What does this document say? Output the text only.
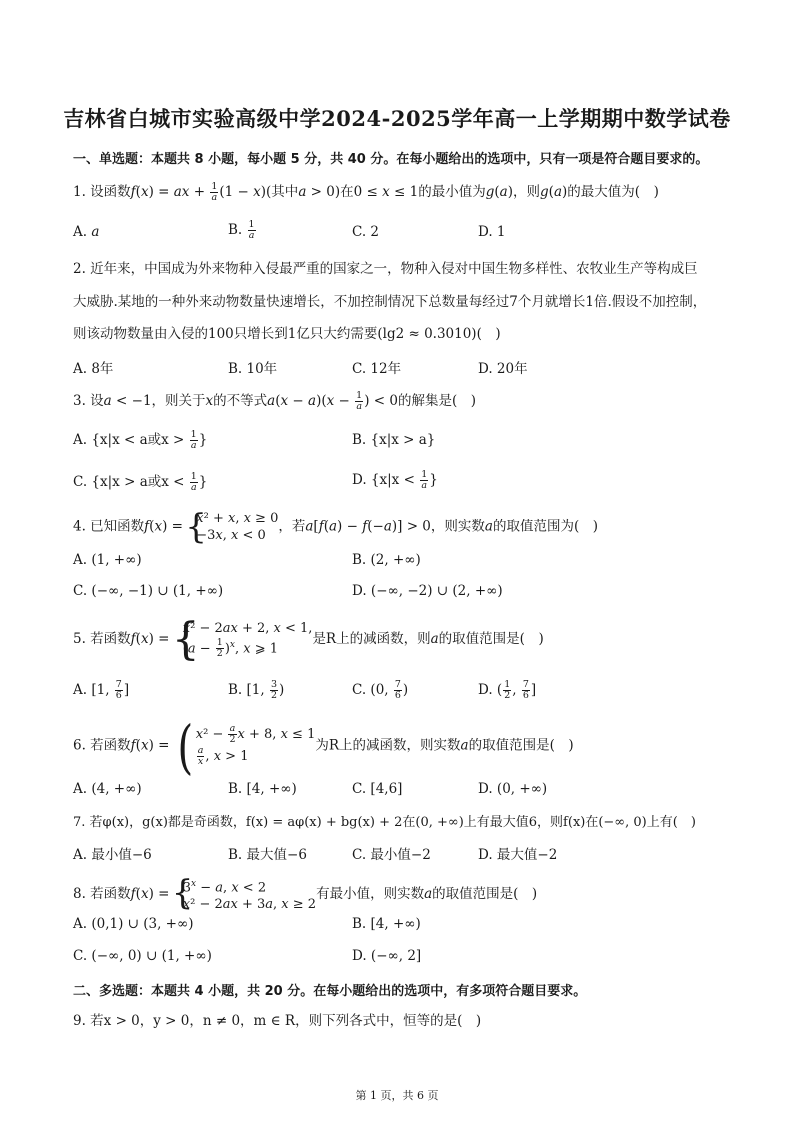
吉林省白城市实验高级中学2024-2025学年高一上学期期中数学试卷
一、单选题：本题共 8 小题，每小题 5 分，共 40 分。在每小题给出的选项中，只有一项是符合题目要求的。
1. 设函数f(x) = ax + $\frac{1}{a} (1 - x)$(其中a > 0)在0 ≤ x ≤ 1的最小值为g(a)，则g(a)的最大值为(　)
A. a	B. $\frac{1}{a}$	C. 2	D. 1
2. 近年来，中国成为外来物种入侵最严重的国家之一，物种入侵对中国生物多样性、农牧业生产等构成巨
大威胁.某地的一种外来动物数量快速增长，不加控制情况下总数量每经过7个月就增长1倍.假设不加控制，
则该动物数量由入侵的100只增长到1亿只大约需要(lg2 ≈ 0.3010)(　)
A. 8年	B. 10年	C. 12年	D. 20年
3. 设a < −1，则关于x的不等式$a(x - a)(x - \frac{1}{a}$ ) < 0的解集是(　)
A. {x|x < a或$x > \frac{1}{a}$ }	B. {x|x > a}
C. {x|x > a或$x < \frac{1}{a}$ }	D. {$x|x < \frac{1}{a}$ }
4. 已知函数f(x) = { x² + x, x ≥ 0
−3x, x < 0
，若a[f(a) − f(−a)] > 0，则实数a的取值范围为(　)
A. (1, +∞)	B. (2, +∞)
C. (−∞, −1) ∪ (1, +∞)	D. (−∞, −2) ∪ (2, +∞)
5. 若函数f(x) =
{ x² − 2ax + 2, x < 1,
$(a - \frac{1}{2} )^x$, x ⩾ 1
是R上的减函数，则a的取值范围是(　)
A. [1, $\frac{7}{6}$ ]	B. [1, $\frac{3}{2}$ )	C. (0, $\frac{7}{6}$ )	D. ( $\frac{1}{2}$ , $\frac{7}{6}$ ]
6. 若函数f(x) =
( $x^2 - \frac{a}{2}$ x + 8, x ≤ 1
$\frac{a}{x}$ , x > 1
为R上的减函数，则实数a的取值范围是(　)
A. (4, +∞)	B. [4, +∞)	C. [4,6]	D. (0, +∞)
7. 若φ(x)，g(x)都是奇函数，f(x) = aφ(x) + bg(x) + 2在(0, +∞)上有最大值6，则f(x)在(−∞, 0)上有(　)
A. 最小值−6	B. 最大值−6	C. 最小值−2	D. 最大值−2
8. 若函数f(x) = { $3^x - a$, x < 2
x² − 2ax + 3a, x ≥ 2
有最小值，则实数a的取值范围是(　)
A. (0,1) ∪ (3, +∞)	B. [4, +∞)
C. (−∞, 0) ∪ (1, +∞)	D. (−∞, 2]
二、多选题：本题共 4 小题，共 20 分。在每小题给出的选项中，有多项符合题目要求。
9. 若x > 0，y > 0，n ≠ 0，m ∈ R，则下列各式中，恒等的是(　)
第 1 页，共 6 页
